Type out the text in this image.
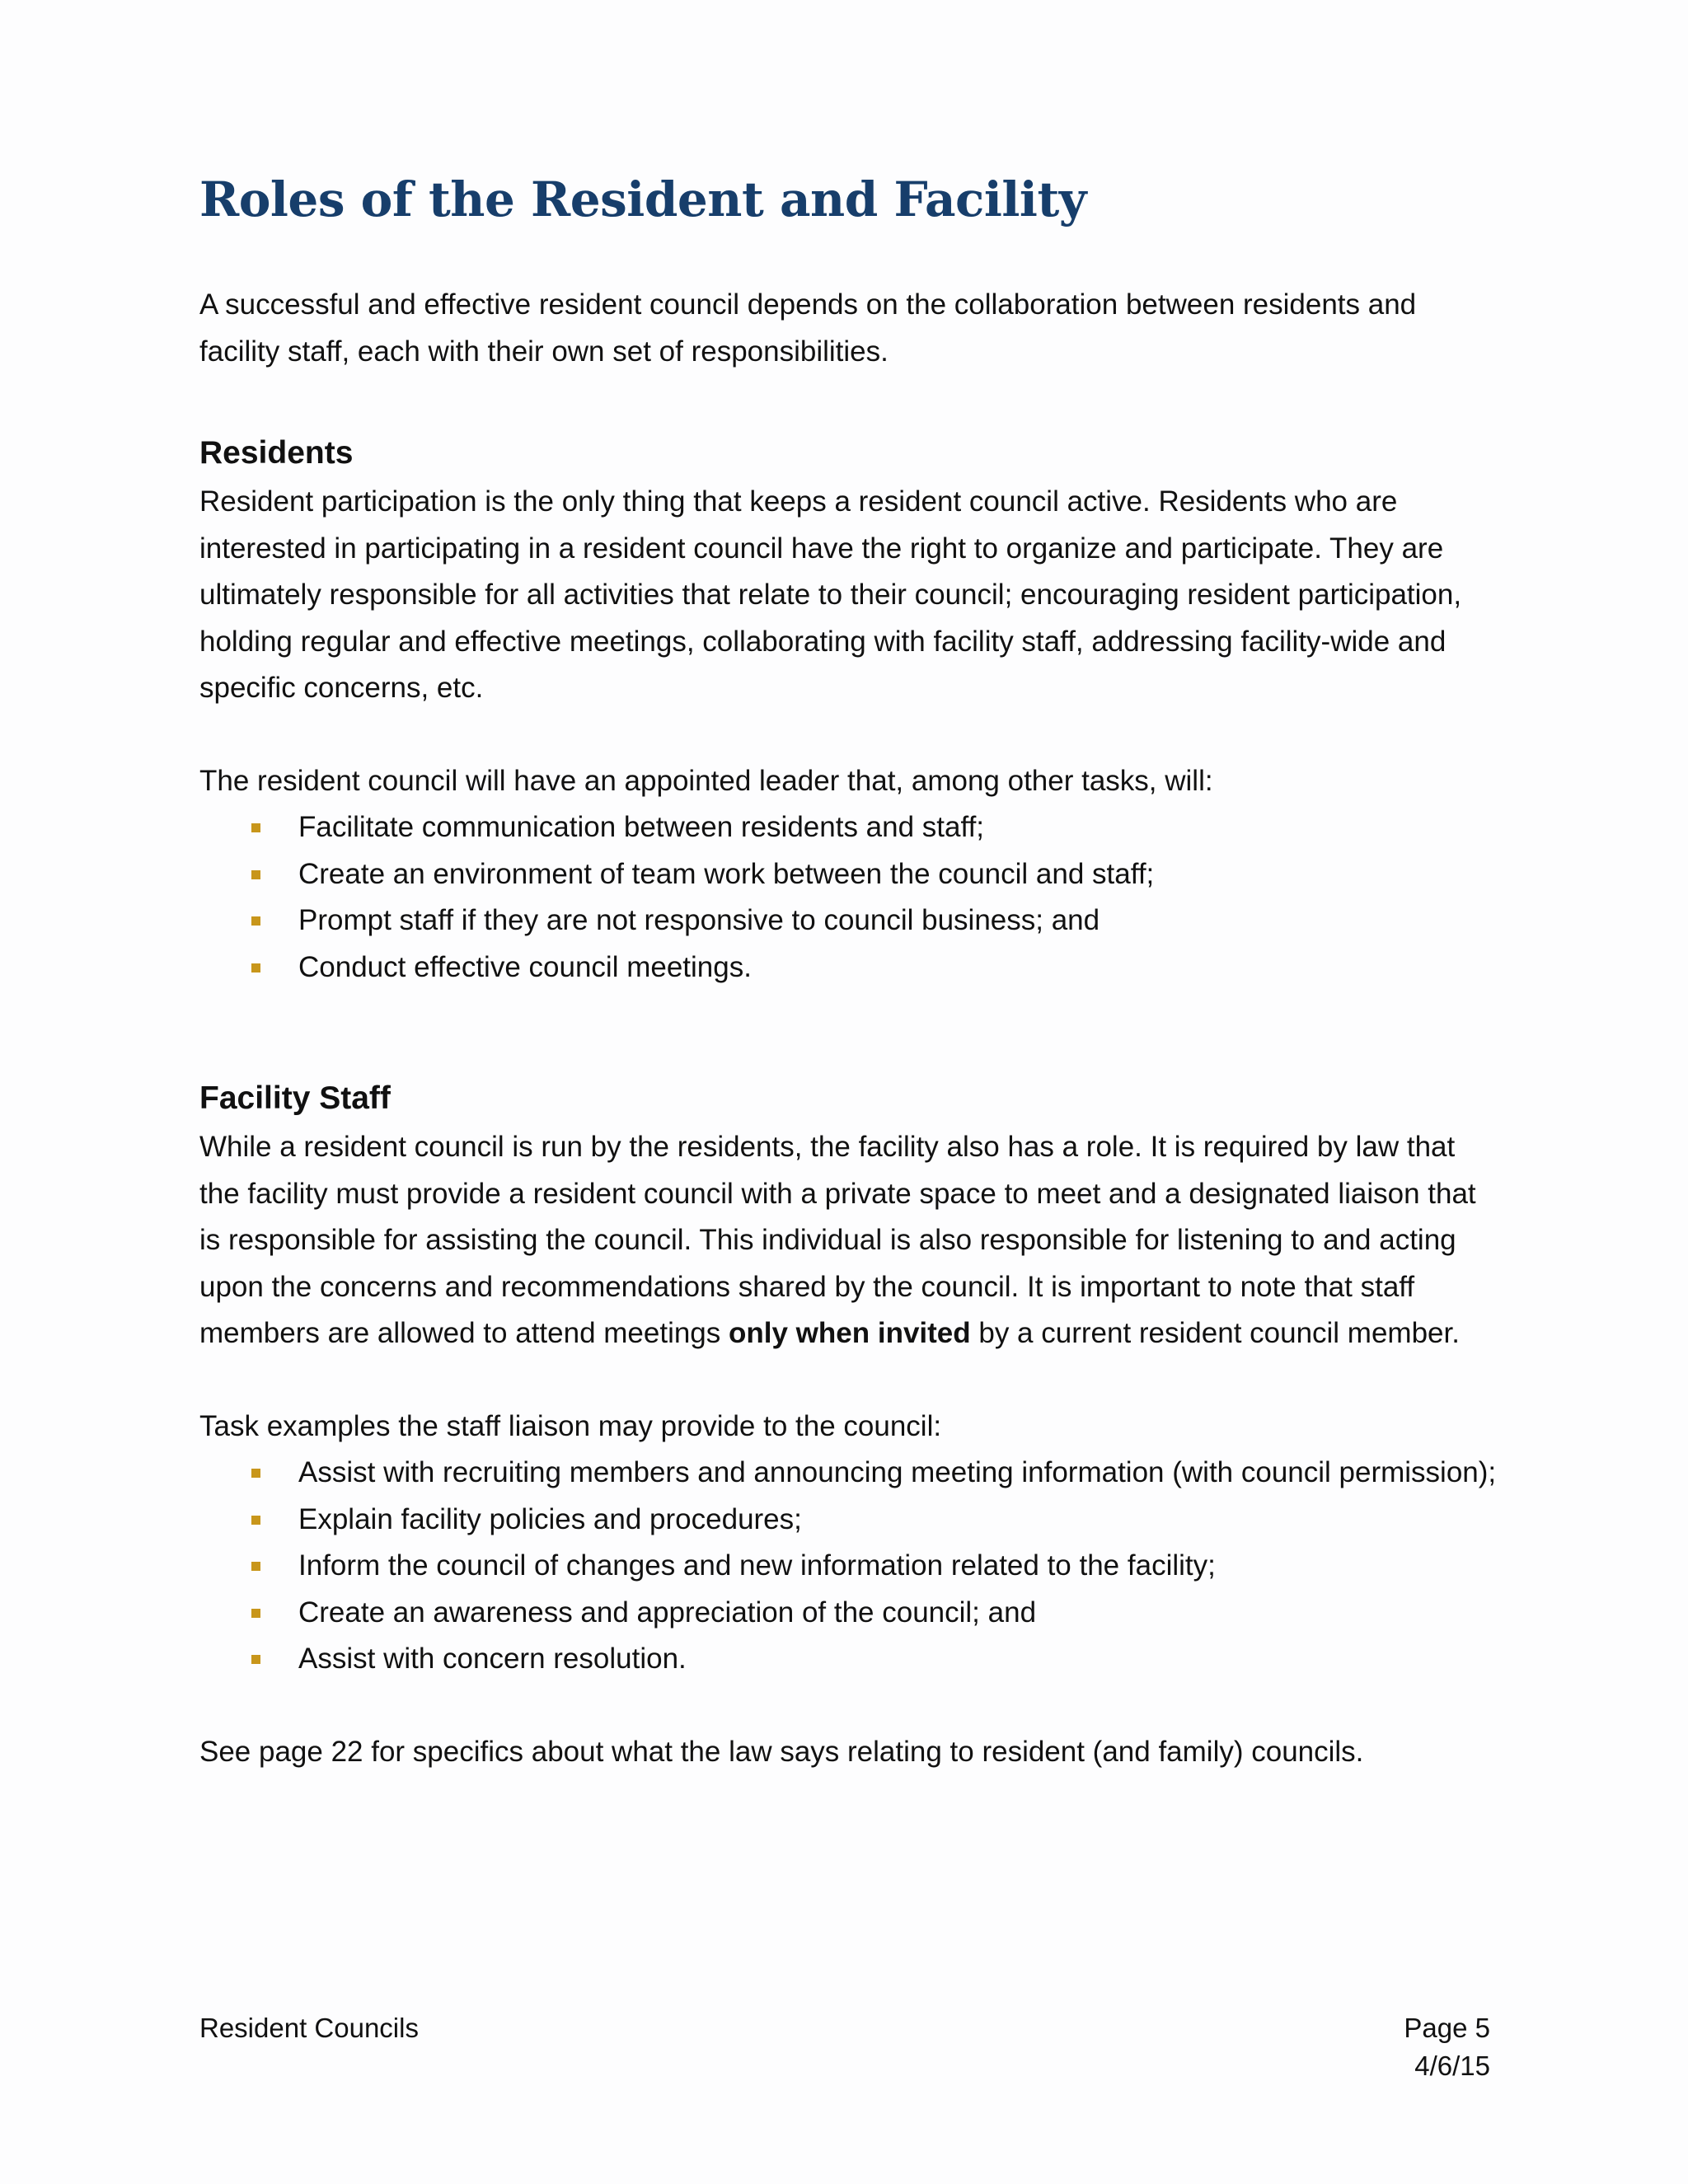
Roles of the Resident and Facility

A successful and effective resident council depends on the collaboration between residents and facility staff, each with their own set of responsibilities.

Residents

Resident participation is the only thing that keeps a resident council active. Residents who are interested in participating in a resident council have the right to organize and participate. They are ultimately responsible for all activities that relate to their council; encouraging resident participation, holding regular and effective meetings, collaborating with facility staff, addressing facility-wide and specific concerns, etc.

The resident council will have an appointed leader that, among other tasks, will:

Facilitate communication between residents and staff;
Create an environment of team work between the council and staff;
Prompt staff if they are not responsive to council business; and
Conduct effective council meetings.
Facility Staff

While a resident council is run by the residents, the facility also has a role. It is required by law that the facility must provide a resident council with a private space to meet and a designated liaison that is responsible for assisting the council. This individual is also responsible for listening to and acting upon the concerns and recommendations shared by the council. It is important to note that staff members are allowed to attend meetings only when invited by a current resident council member.

Task examples the staff liaison may provide to the council:

Assist with recruiting members and announcing meeting information (with council permission);
Explain facility policies and procedures;
Inform the council of changes and new information related to the facility;
Create an awareness and appreciation of the council; and
Assist with concern resolution.

See page 22 for specifics about what the law says relating to resident (and family) councils.

Resident Councils	Page 5
4/6/15
